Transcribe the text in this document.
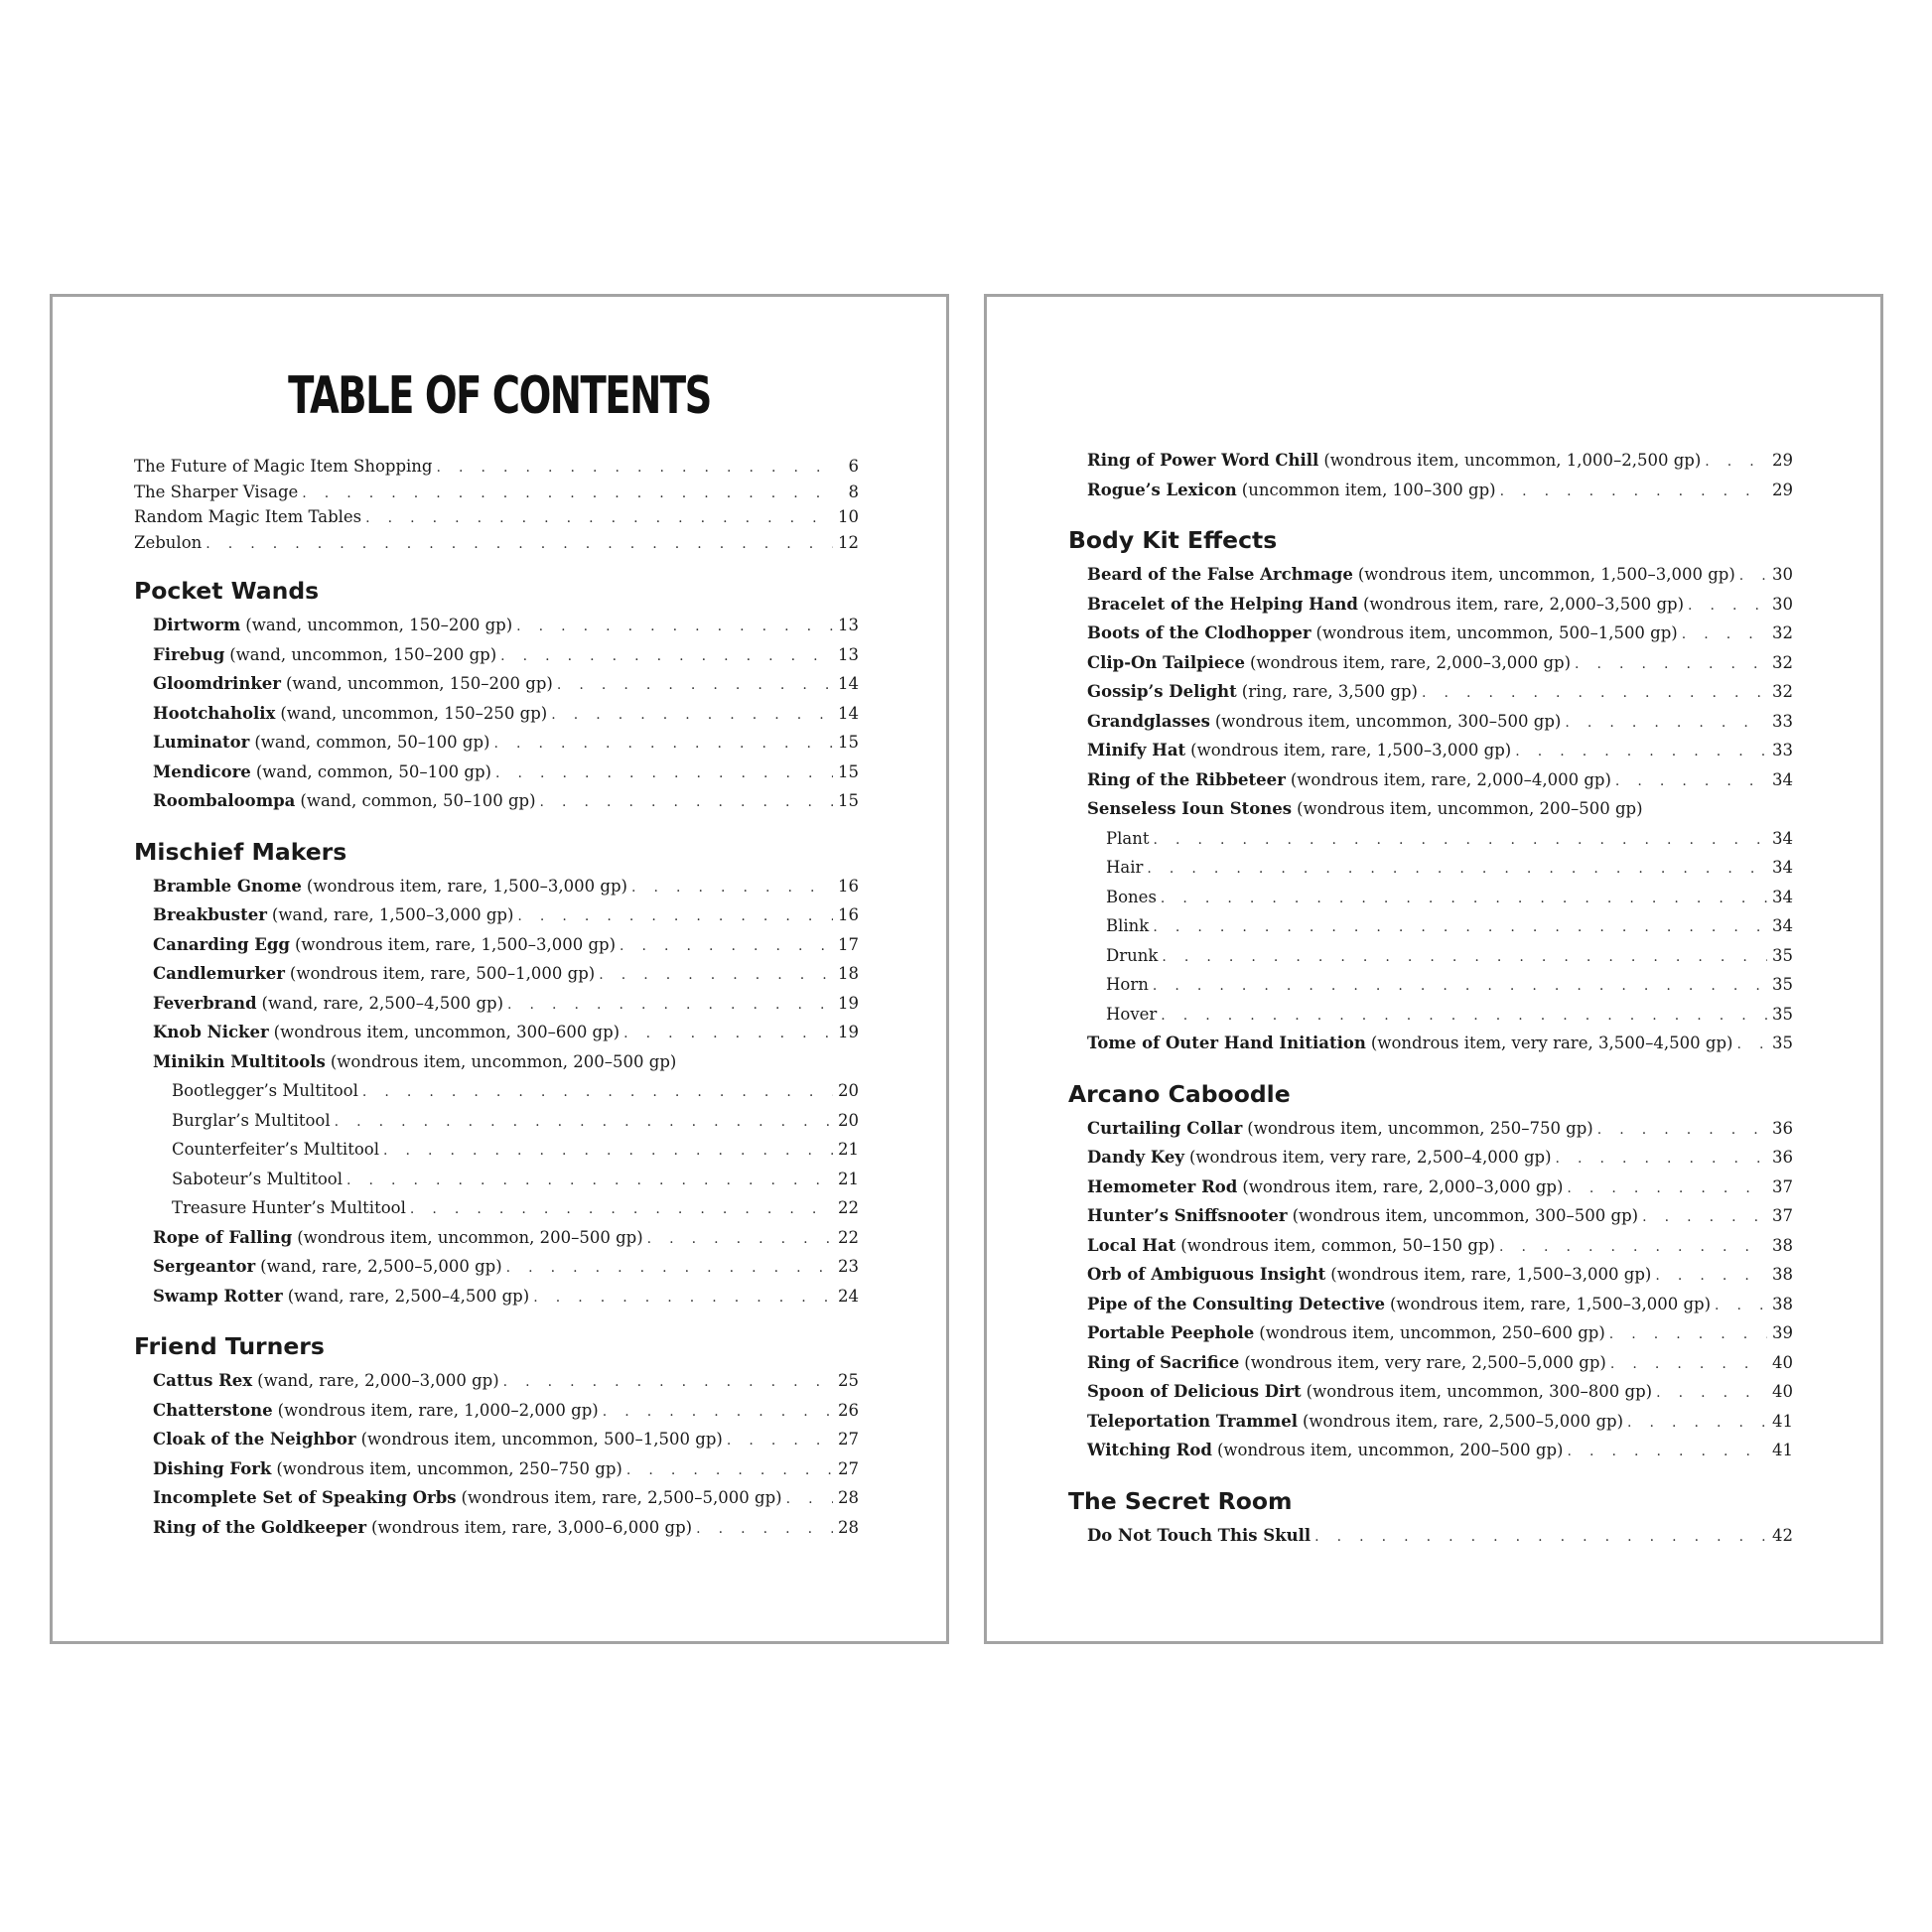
TABLE OF CONTENTS
The Future of Magic Item Shopping . . .	6
The Sharper Visage . . .	8
Random Magic Item Tables . . .	10
Zebulon . . .	12
Pocket Wands
Dirtworm (wand, uncommon, 150–200 gp) . . .	13
Firebug (wand, uncommon, 150–200 gp) . . .	13
Gloomdrinker (wand, uncommon, 150–200 gp) . . .	14
Hootchaholix (wand, uncommon, 150–250 gp) . . .	14
Luminator (wand, common, 50–100 gp) . . .	15
Mendicore (wand, common, 50–100 gp) . . .	15
Roombaloompa (wand, common, 50–100 gp) . . .	15
Mischief Makers
Bramble Gnome (wondrous item, rare, 1,500–3,000 gp) . . .	16
Breakbuster (wand, rare, 1,500–3,000 gp) . . .	16
Canarding Egg (wondrous item, rare, 1,500–3,000 gp) . . .	17
Candlemurker (wondrous item, rare, 500–1,000 gp) . . .	18
Feverbrand (wand, rare, 2,500–4,500 gp) . . .	19
Knob Nicker (wondrous item, uncommon, 300–600 gp) . . .	19
Minikin Multitools (wondrous item, uncommon, 200–500 gp)
Bootlegger’s Multitool . . .	20
Burglar’s Multitool . . .	20
Counterfeiter’s Multitool . . .	21
Saboteur’s Multitool . . .	21
Treasure Hunter’s Multitool . . .	22
Rope of Falling (wondrous item, uncommon, 200–500 gp) . . .	22
Sergeantor (wand, rare, 2,500–5,000 gp) . . .	23
Swamp Rotter (wand, rare, 2,500–4,500 gp) . . .	24
Friend Turners
Cattus Rex (wand, rare, 2,000–3,000 gp) . . .	25
Chatterstone (wondrous item, rare, 1,000–2,000 gp) . . .	26
Cloak of the Neighbor (wondrous item, uncommon, 500–1,500 gp) . . .	27
Dishing Fork (wondrous item, uncommon, 250–750 gp) . . .	27
Incomplete Set of Speaking Orbs (wondrous item, rare, 2,500–5,000 gp) . . .	28
Ring of the Goldkeeper (wondrous item, rare, 3,000–6,000 gp) . . .	28
Ring of Power Word Chill (wondrous item, uncommon, 1,000–2,500 gp) . . .	29
Rogue’s Lexicon (uncommon item, 100–300 gp) . . .	29
Body Kit Effects
Beard of the False Archmage (wondrous item, uncommon, 1,500–3,000 gp) . . . 30
Bracelet of the Helping Hand (wondrous item, rare, 2,000–3,500 gp) . . .	30
Boots of the Clodhopper (wondrous item, uncommon, 500–1,500 gp) . . .	32
Clip-On Tailpiece (wondrous item, rare, 2,000–3,000 gp) . . .	32
Gossip’s Delight (ring, rare, 3,500 gp) . . .	32
Grandglasses (wondrous item, uncommon, 300–500 gp) . . .	33
Minify Hat (wondrous item, rare, 1,500–3,000 gp) . . .	33
Ring of the Ribbeteer (wondrous item, rare, 2,000–4,000 gp) . . .	34
Senseless Ioun Stones (wondrous item, uncommon, 200–500 gp)
Plant . . .	34
Hair . . .	34
Bones . . .	34
Blink . . .	34
Drunk . . .	35
Horn . . .	35
Hover . . .	35
Tome of Outer Hand Initiation (wondrous item, very rare, 3,500–4,500 gp) . . . 35
Arcano Caboodle
Curtailing Collar (wondrous item, uncommon, 250–750 gp) . . .	36
Dandy Key (wondrous item, very rare, 2,500–4,000 gp) . . .	36
Hemometer Rod (wondrous item, rare, 2,000–3,000 gp) . . .	37
Hunter’s Sniffsnooter (wondrous item, uncommon, 300–500 gp) . . .	37
Local Hat (wondrous item, common, 50–150 gp) . . .	38
Orb of Ambiguous Insight (wondrous item, rare, 1,500–3,000 gp) . . .	38
Pipe of the Consulting Detective (wondrous item, rare, 1,500–3,000 gp) . . .	38
Portable Peephole (wondrous item, uncommon, 250–600 gp) . . .	39
Ring of Sacrifice (wondrous item, very rare, 2,500–5,000 gp) . . .	40
Spoon of Delicious Dirt (wondrous item, uncommon, 300–800 gp) . . .	40
Teleportation Trammel (wondrous item, rare, 2,500–5,000 gp) . . .	41
Witching Rod (wondrous item, uncommon, 200–500 gp) . . .	41
The Secret Room
Do Not Touch This Skull . . .	42
